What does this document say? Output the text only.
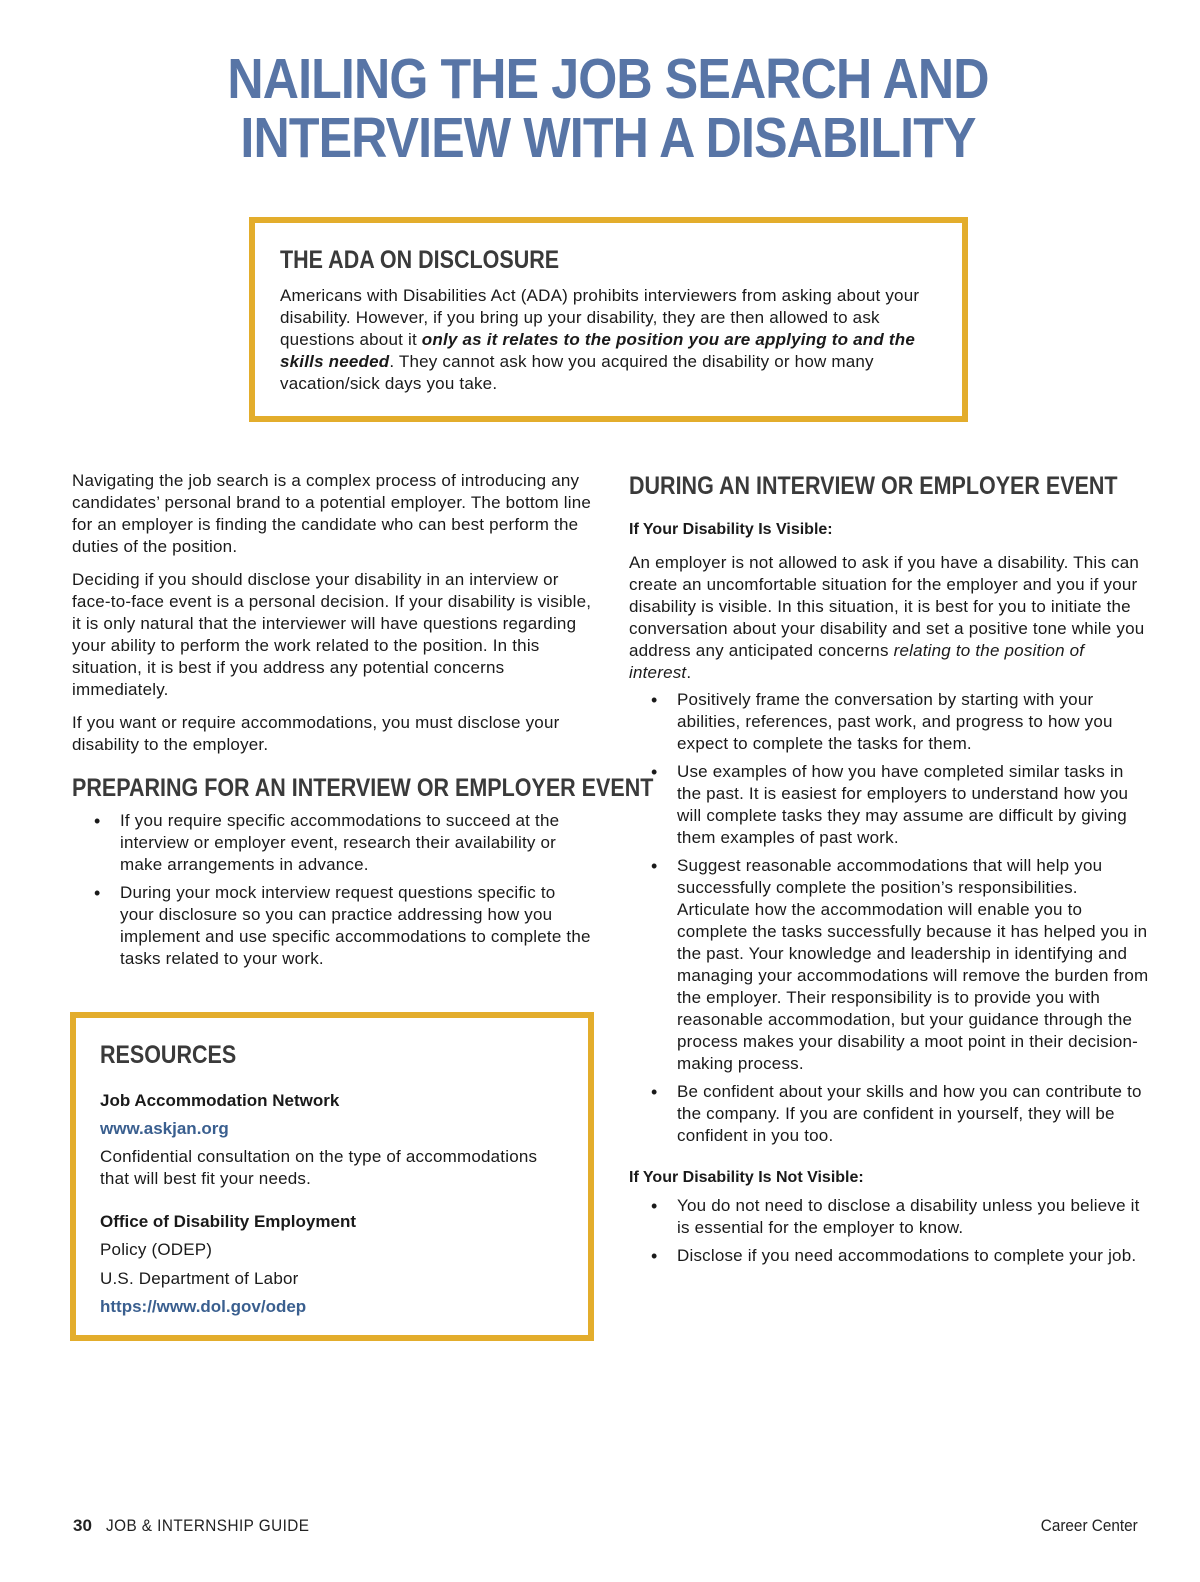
NAILING THE JOB SEARCH AND
INTERVIEW WITH A DISABILITY
THE ADA ON DISCLOSURE

Americans with Disabilities Act (ADA) prohibits interviewers from asking about your disability. However, if you bring up your disability, they are then allowed to ask questions about it only as it relates to the position you are applying to and the skills needed. They cannot ask how you acquired the disability or how many vacation/sick days you take.

Navigating the job search is a complex process of introducing any candidates’ personal brand to a potential employer. The bottom line for an employer is finding the candidate who can best perform the duties of the position.

Deciding if you should disclose your disability in an interview or face-to-face event is a personal decision. If your disability is visible, it is only natural that the interviewer will have questions regarding your ability to perform the work related to the position. In this situation, it is best if you address any potential concerns immediately.

If you want or require accommodations, you must disclose your disability to the employer.

PREPARING FOR AN INTERVIEW OR EMPLOYER EVENT
• If you require specific accommodations to succeed at the interview or employer event, research their availability or make arrangements in advance.
• During your mock interview request questions specific to your disclosure so you can practice addressing how you implement and use specific accommodations to complete the tasks related to your work.
RESOURCES

Job Accommodation Network

www.askjan.org

Confidential consultation on the type of accommodations that will best fit your needs.

Office of Disability Employment

Policy (ODEP)

U.S. Department of Labor

https://www.dol.gov/odep

DURING AN INTERVIEW OR EMPLOYER EVENT

If Your Disability Is Visible:

An employer is not allowed to ask if you have a disability. This can create an uncomfortable situation for the employer and you if your disability is visible. In this situation, it is best for you to initiate the conversation about your disability and set a positive tone while you address any anticipated concerns relating to the position of interest.

• Positively frame the conversation by starting with your abilities, references, past work, and progress to how you expect to complete the tasks for them.
• Use examples of how you have completed similar tasks in the past. It is easiest for employers to understand how you will complete tasks they may assume are difficult by giving them examples of past work.
• Suggest reasonable accommodations that will help you successfully complete the position’s responsibilities. Articulate how the accommodation will enable you to complete the tasks successfully because it has helped you in the past. Your knowledge and leadership in identifying and managing your accommodations will remove the burden from the employer. Their responsibility is to provide you with reasonable accommodation, but your guidance through the process makes your disability a moot point in their decision-making process.
• Be confident about your skills and how you can contribute to the company. If you are confident in yourself, they will be confident in you too.

If Your Disability Is Not Visible:

• You do not need to disclose a disability unless you believe it is essential for the employer to know.
• Disclose if you need accommodations to complete your job.
30 JOB & INTERNSHIP GUIDE	Career Center
